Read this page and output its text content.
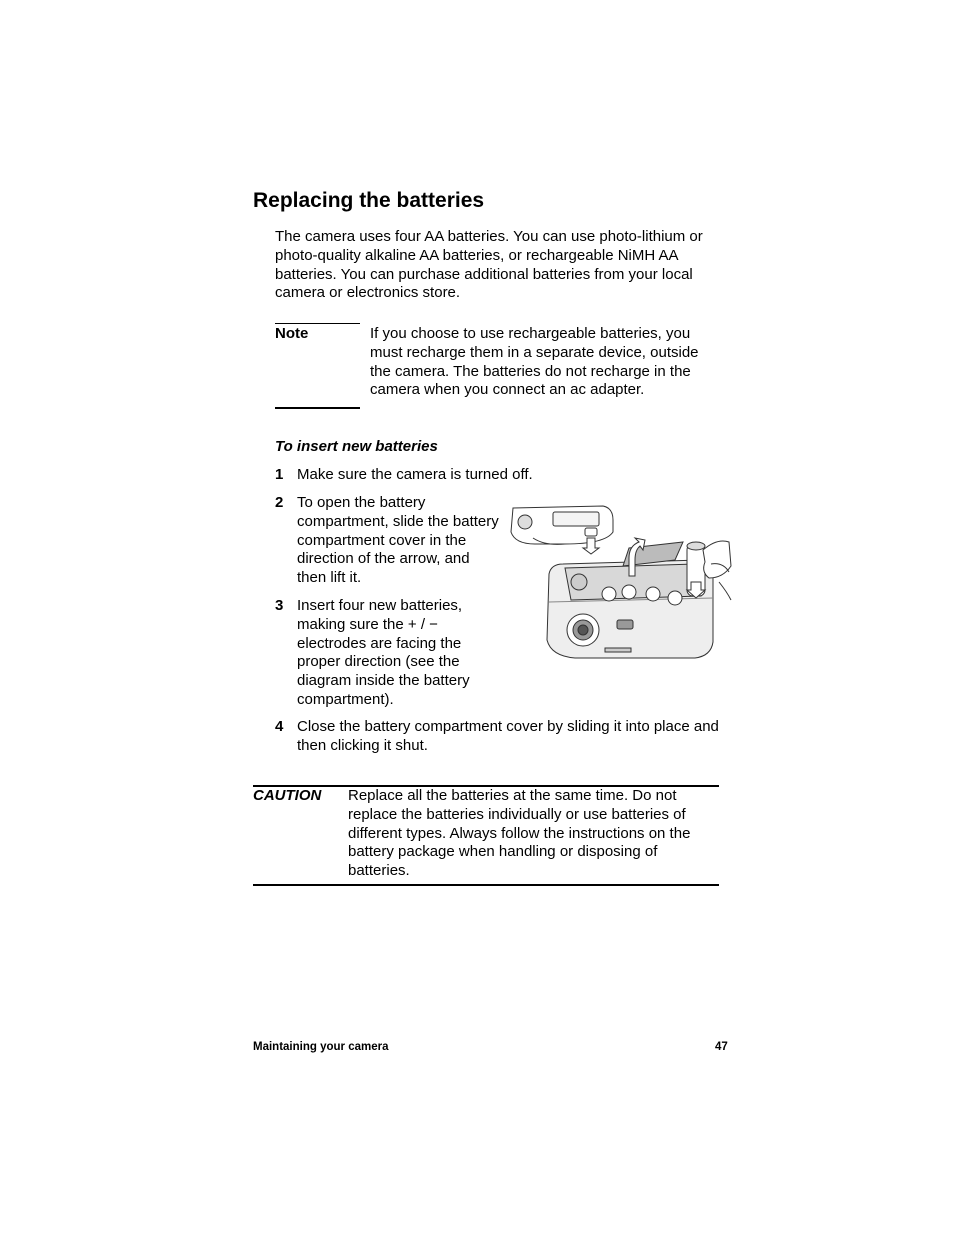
Replacing the batteries

The camera uses four AA batteries. You can use photo-lithium or photo-quality alkaline AA batteries, or rechargeable NiMH AA batteries. You can purchase additional batteries from your local camera or electronics store.

Note	If you choose to use rechargeable batteries, you must recharge them in a separate device, outside the camera. The batteries do not recharge in the camera when you connect an ac adapter.
To insert new batteries
1 Make sure the camera is turned off.
2 To open the battery compartment, slide the battery compartment cover in the direction of the arrow, and then lift it.
3 Insert four new batteries, making sure the + / − electrodes are facing the proper direction (see the diagram inside the battery compartment).
4 Close the battery compartment cover by sliding it into place and then clicking it shut.
CAUTION Replace all the batteries at the same time. Do not replace the batteries individually or use batteries of different types. Always follow the instructions on the battery package when handling or disposing of batteries.
Maintaining your camera	47
